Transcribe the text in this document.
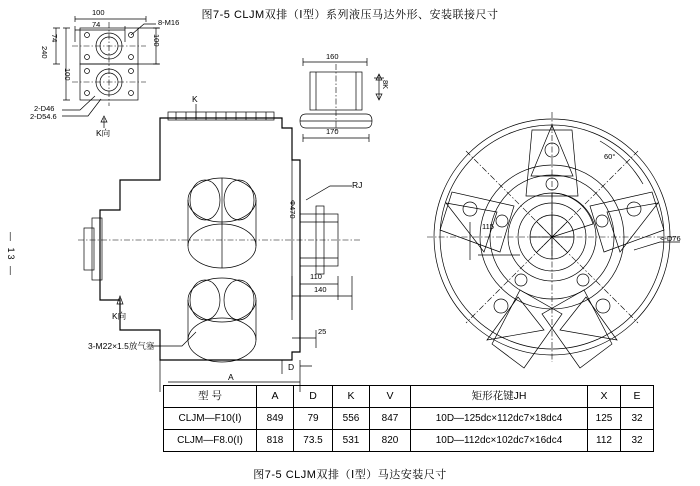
图7-5 CLJM双排（Ⅰ型）系列液压马达外形、安装联接尺寸
图7-5 CLJM双排（Ⅰ型）马达安装尺寸
— 13 —
100
74	8-M16
240
74
100
100
2-D46
2-D54.6
K向
160
170
8K
K
RJ
Φ470
110
140
25
A
D
K向
3-M22×1.5放气塞
60°
115
<-D76
型 号	A	D	K	V	矩形花键JH	X	E
CLJM—F10(Ⅰ)	849	79	556	847	10D—125dc×112dc7×18dc4	125	32
CLJM—F8.0(Ⅰ)	818	73.5	531	820	10D—112dc×102dc7×16dc4	112	32
